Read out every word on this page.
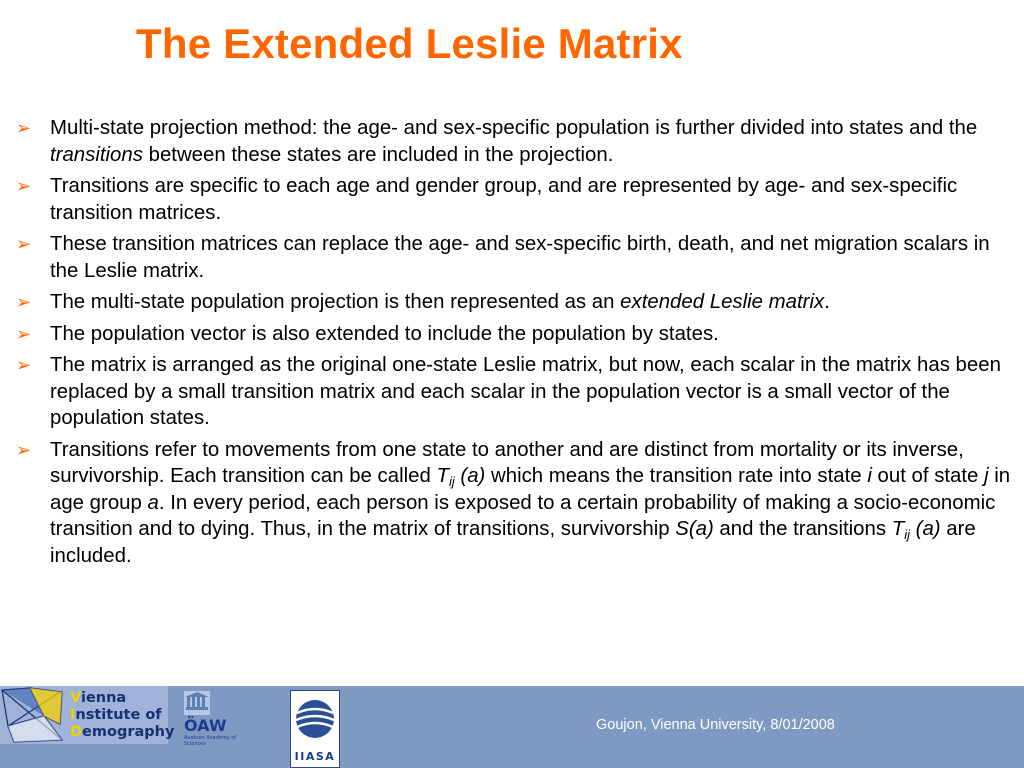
The Extended Leslie Matrix
➢ Multi-state projection method: the age- and sex-specific population is further divided into states and the transitions between these states are included in the projection.
➢ Transitions are specific to each age and gender group, and are represented by age- and sex-specific transition matrices.
➢ These transition matrices can replace the age- and sex-specific birth, death, and net migration scalars in the Leslie matrix.
➢ The multi-state population projection is then represented as an extended Leslie matrix.
➢ The population vector is also extended to include the population by states.
➢ The matrix is arranged as the original one-state Leslie matrix, but now, each scalar in the matrix has been replaced by a small transition matrix and each scalar in the population vector is a small vector of the population states.
➢ Transitions refer to movements from one state to another and are distinct from mortality or its inverse, survivorship. Each transition can be called $T_{ij}$ (a) which means the transition rate into state i out of state j in age group a. In every period, each person is exposed to a certain probability of making a socio-economic transition and to dying. Thus, in the matrix of transitions, survivorship S(a) and the transitions $T_{ij}$ (a) are included.
Vienna
Institute of
Demography ÖAW
Austrian Academy of Sciences
IIASA
Goujon, Vienna University, 8/01/2008
